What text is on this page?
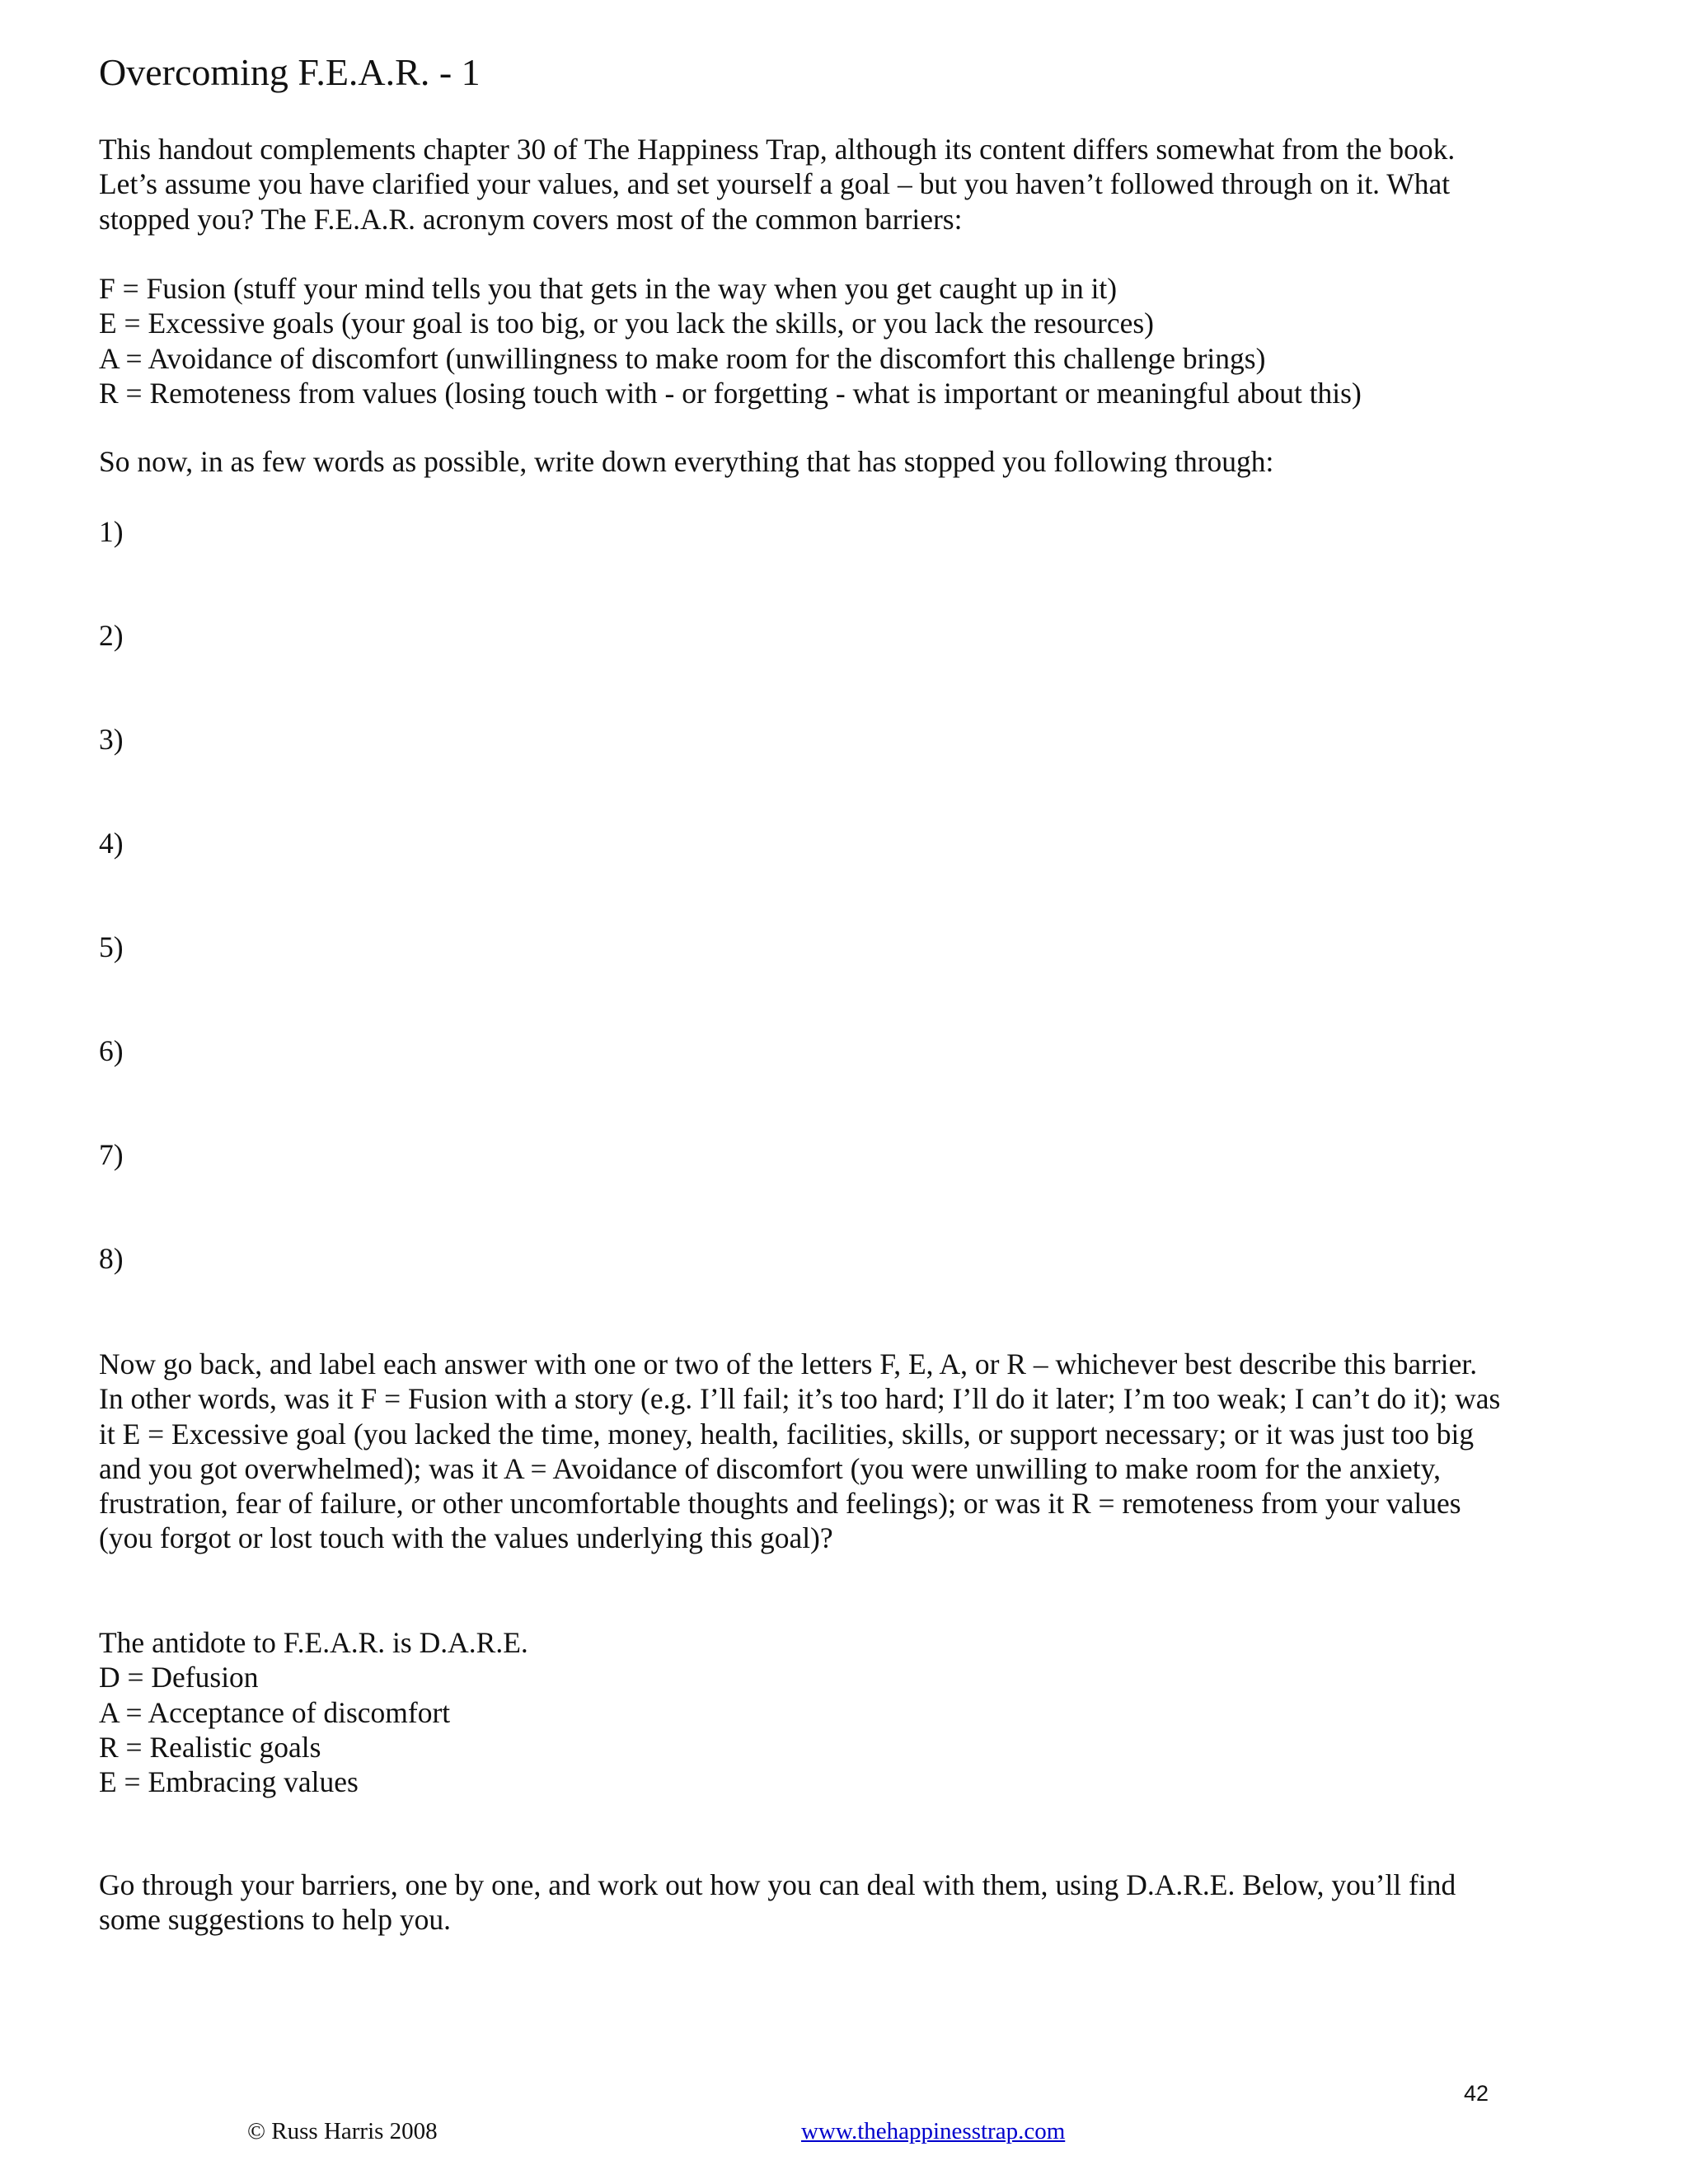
Overcoming F.E.A.R. - 1
This handout complements chapter 30 of The Happiness Trap, although its content differs somewhat from the book.
Let’s assume you have clarified your values, and set yourself a goal – but you haven’t followed through on it. What
stopped you? The F.E.A.R. acronym covers most of the common barriers:
F = Fusion (stuff your mind tells you that gets in the way when you get caught up in it)
E = Excessive goals (your goal is too big, or you lack the skills, or you lack the resources)
A = Avoidance of discomfort (unwillingness to make room for the discomfort this challenge brings)
R = Remoteness from values (losing touch with - or forgetting - what is important or meaningful about this)
So now, in as few words as possible, write down everything that has stopped you following through:
1)
2)
3)
4)
5)
6)
7)
8)
Now go back, and label each answer with one or two of the letters F, E, A, or R – whichever best describe this barrier.
In other words, was it F = Fusion with a story (e.g. I’ll fail; it’s too hard; I’ll do it later; I’m too weak; I can’t do it); was
it E = Excessive goal (you lacked the time, money, health, facilities, skills, or support necessary; or it was just too big
and you got overwhelmed); was it A = Avoidance of discomfort (you were unwilling to make room for the anxiety,
frustration, fear of failure, or other uncomfortable thoughts and feelings); or was it R = remoteness from your values
(you forgot or lost touch with the values underlying this goal)?
The antidote to F.E.A.R. is D.A.R.E.
D = Defusion
A = Acceptance of discomfort
R = Realistic goals
E = Embracing values
Go through your barriers, one by one, and work out how you can deal with them, using D.A.R.E. Below, you’ll find
some suggestions to help you.
42
© Russ Harris 2008	www.thehappinesstrap.com
